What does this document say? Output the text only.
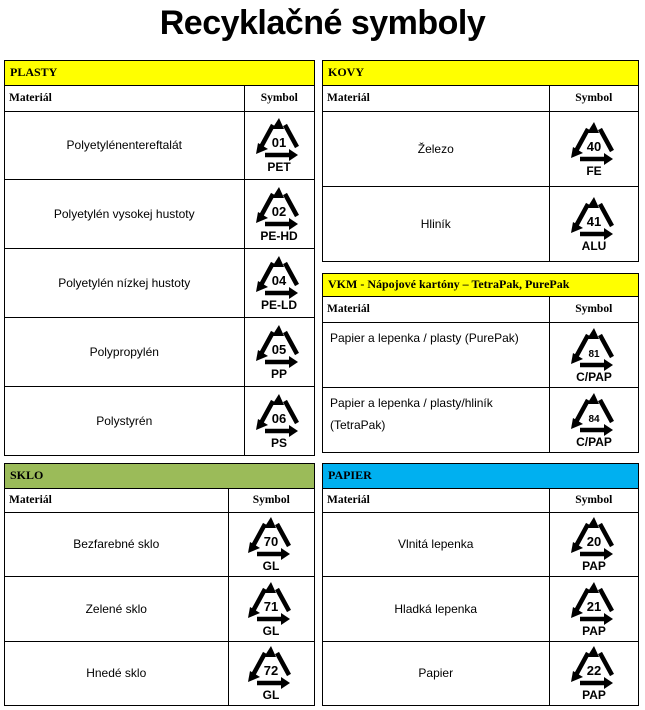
Recyklačné symboly
PLASTY	
Materiál	Symbol
Polyetylénentereftalát	01
PET

Polyetylén vysokej hustoty	02
PE-HD

Polyetylén nízkej hustoty	04
PE-LD

Polypropylén	05
PP

Polystyrén	06
PS
KOVY	
Materiál	Symbol
Železo	40
FE

Hliník	41
ALU
VKM - Nápojové kartóny – TetraPak, PurePak	
Materiál	Symbol
Papier a lepenka / plasty (PurePak)	81
C/PAP

Papier a lepenka / plasty/hliník (TetraPak)	84
C/PAP
SKLO	
Materiál	Symbol
Bezfarebné sklo	70
GL

Zelené sklo	71
GL

Hnedé sklo	72
GL
PAPIER	
Materiál	Symbol
Vlnitá lepenka	20
PAP

Hladká lepenka	21
PAP

Papier	22
PAP
